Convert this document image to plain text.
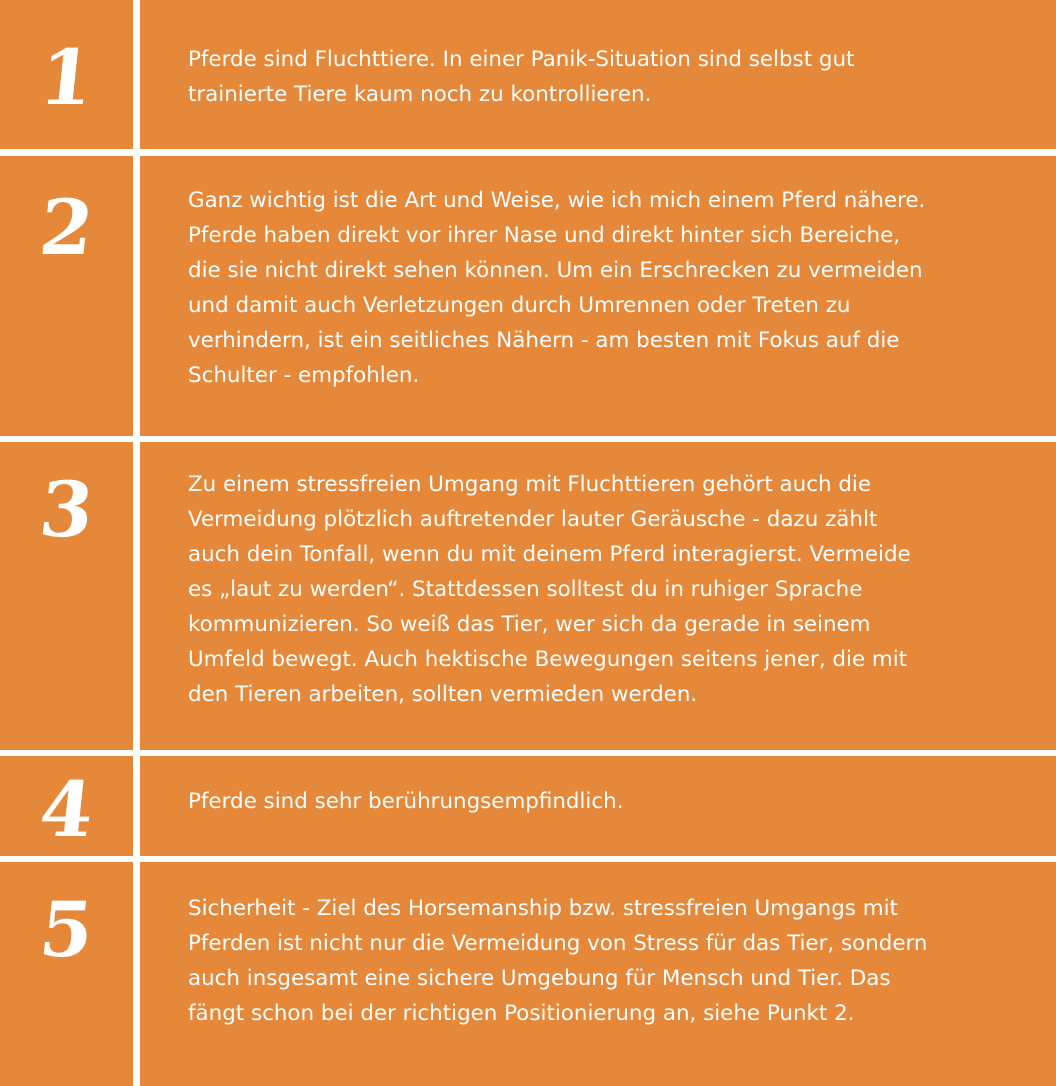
1	Pferde sind Fluchttiere. In einer Panik-Situation sind selbst gut
trainierte Tiere kaum noch zu kontrollieren.

2	Ganz wichtig ist die Art und Weise, wie ich mich einem Pferd nähere.
Pferde haben direkt vor ihrer Nase und direkt hinter sich Bereiche,
die sie nicht direkt sehen können. Um ein Erschrecken zu vermeiden
und damit auch Verletzungen durch Umrennen oder Treten zu
verhindern, ist ein seitliches Nähern - am besten mit Fokus auf die
Schulter - empfohlen.

3	Zu einem stressfreien Umgang mit Fluchttieren gehört auch die
Vermeidung plötzlich auftretender lauter Geräusche - dazu zählt
auch dein Tonfall, wenn du mit deinem Pferd interagierst. Vermeide
es „laut zu werden“. Stattdessen solltest du in ruhiger Sprache
kommunizieren. So weiß das Tier, wer sich da gerade in seinem
Umfeld bewegt. Auch hektische Bewegungen seitens jener, die mit
den Tieren arbeiten, sollten vermieden werden.

4	Pferde sind sehr berührungsempfindlich.

5	Sicherheit - Ziel des Horsemanship bzw. stressfreien Umgangs mit
Pferden ist nicht nur die Vermeidung von Stress für das Tier, sondern
auch insgesamt eine sichere Umgebung für Mensch und Tier. Das
fängt schon bei der richtigen Positionierung an, siehe Punkt 2.
